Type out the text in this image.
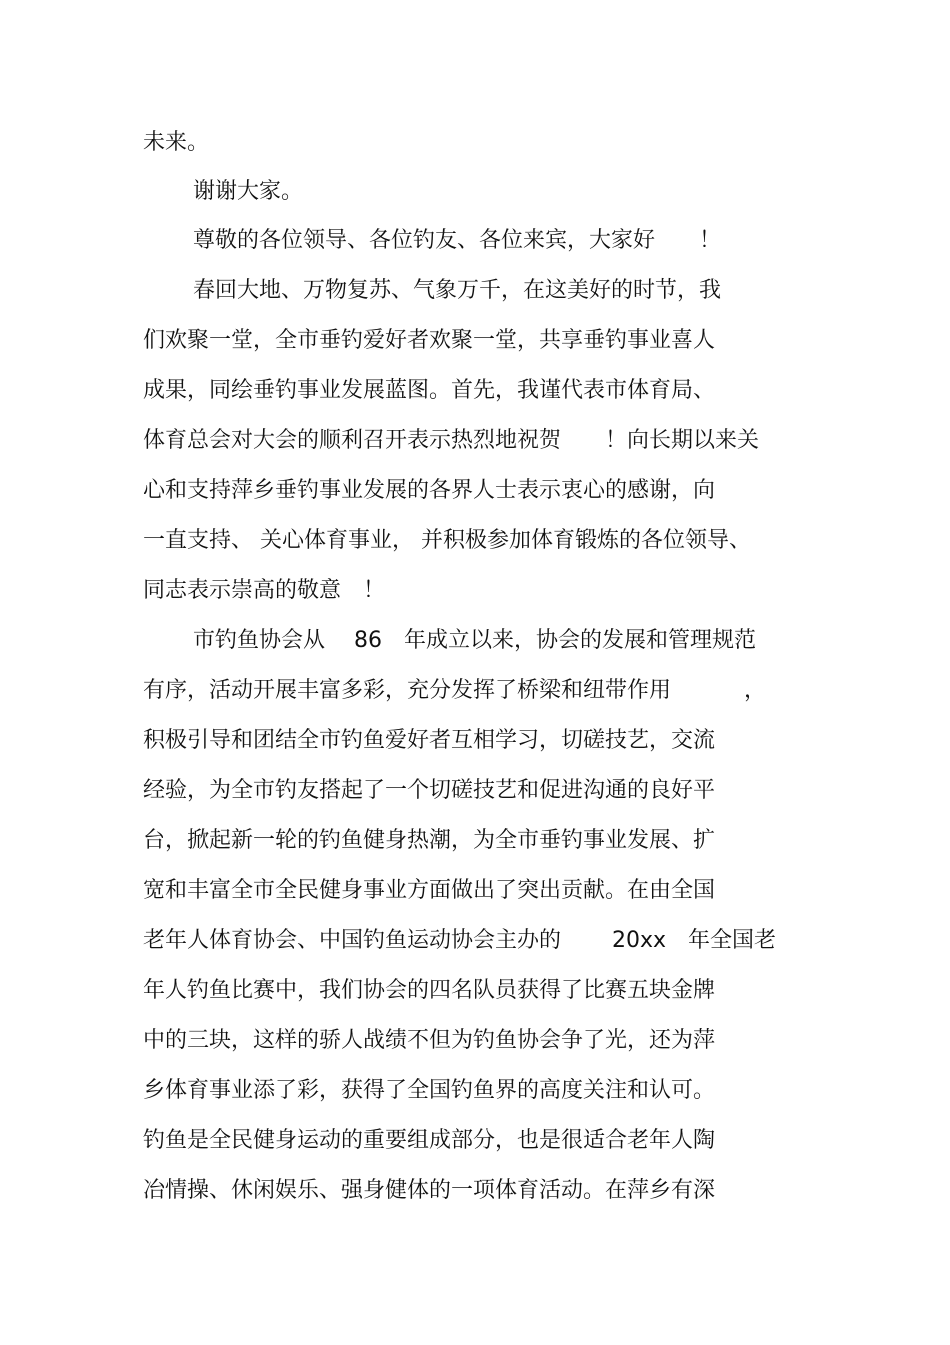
未来。
谢谢大家。
尊敬的各位领导、各位钓友、各位来宾，大家好　　！
春回大地、万物复苏、气象万千，在这美好的时节，我
们欢聚一堂，全市垂钓爱好者欢聚一堂，共享垂钓事业喜人
成果，同绘垂钓事业发展蓝图。首先，我谨代表市体育局、
体育总会对大会的顺利召开表示热烈地祝贺　　！向长期以来关
心和支持萍乡垂钓事业发展的各界人士表示衷心的感谢，向
一直支持、 关心体育事业， 并积极参加体育锻炼的各位领导、
同志表示崇高的敬意　！
市钓鱼协会从　 86　年成立以来，协会的发展和管理规范
有序，活动开展丰富多彩，充分发挥了桥梁和纽带作用　　　 ，
积极引导和团结全市钓鱼爱好者互相学习，切磋技艺，交流
经验，为全市钓友搭起了一个切磋技艺和促进沟通的良好平
台，掀起新一轮的钓鱼健身热潮，为全市垂钓事业发展、扩
宽和丰富全市全民健身事业方面做出了突出贡献。在由全国
老年人体育协会、中国钓鱼运动协会主办的　　 20xx　年全国老
年人钓鱼比赛中，我们协会的四名队员获得了比赛五块金牌
中的三块，这样的骄人战绩不但为钓鱼协会争了光，还为萍
乡体育事业添了彩，获得了全国钓鱼界的高度关注和认可。
钓鱼是全民健身运动的重要组成部分，也是很适合老年人陶
冶情操、休闲娱乐、强身健体的一项体育活动。在萍乡有深
